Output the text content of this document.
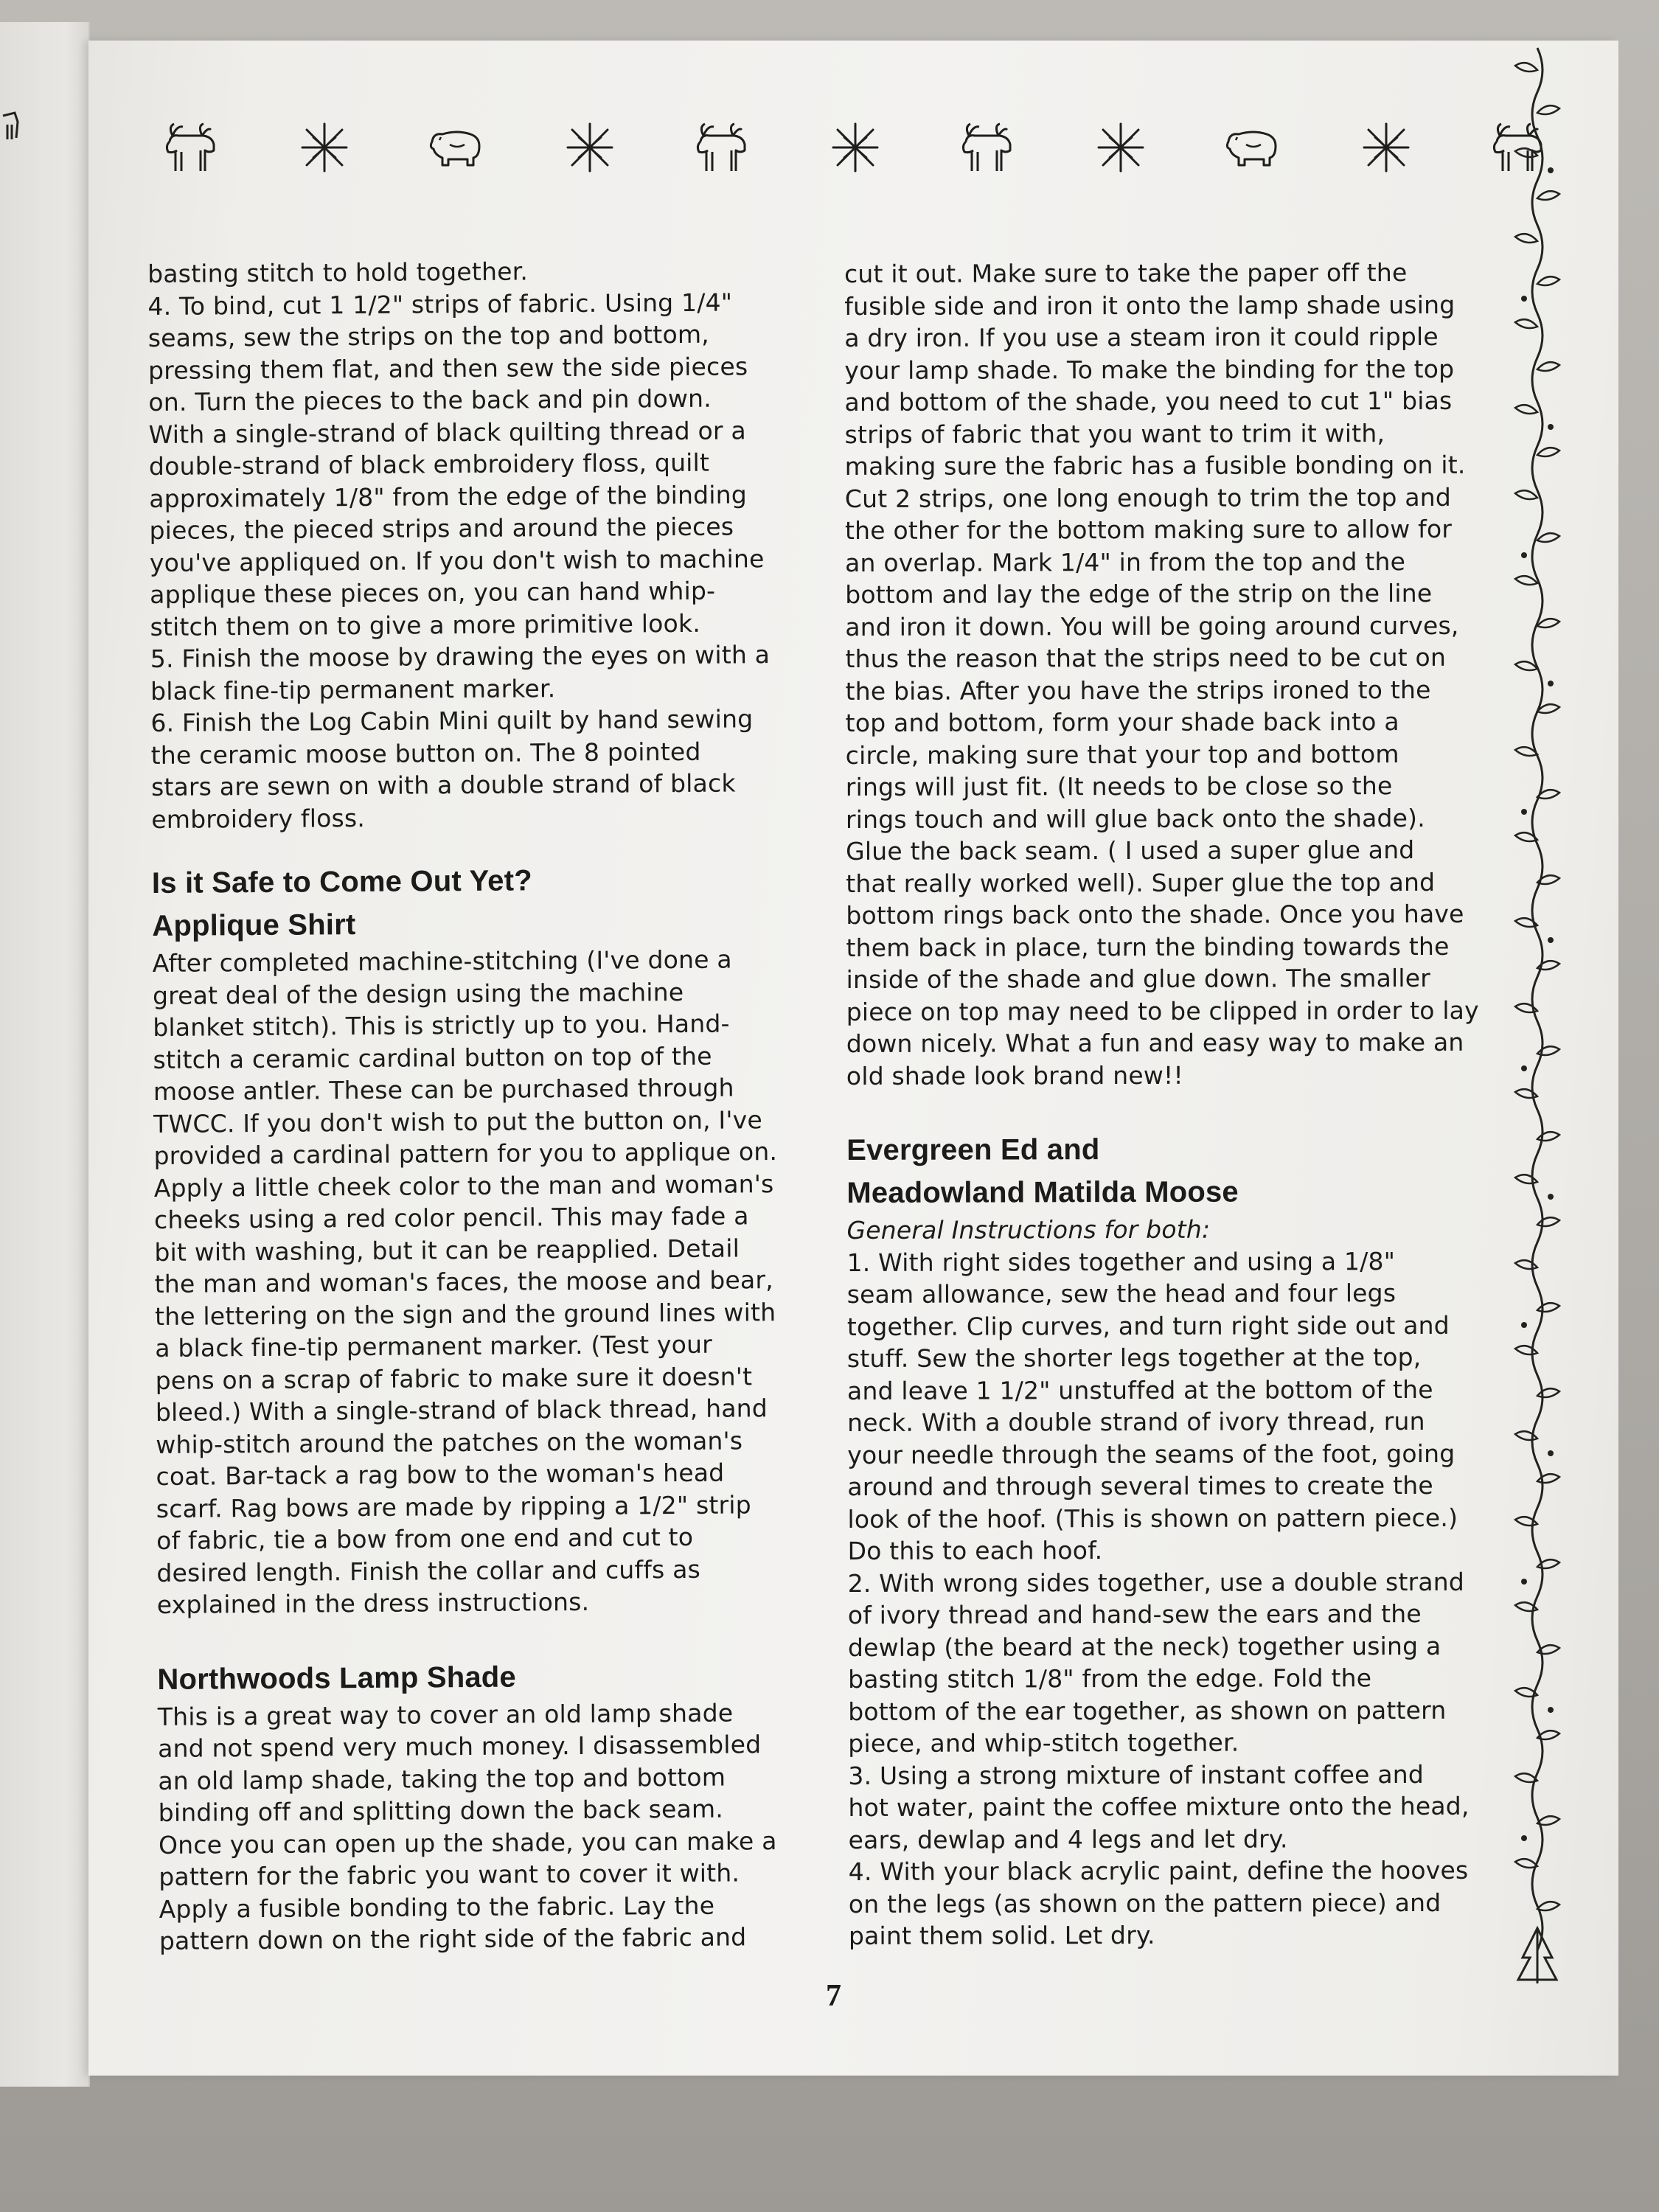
basting stitch to hold together.
4. To bind, cut 1 1/2" strips of fabric. Using 1/4"
seams, sew the strips on the top and bottom,
pressing them flat, and then sew the side pieces
on. Turn the pieces to the back and pin down.
With a single-strand of black quilting thread or a
double-strand of black embroidery floss, quilt
approximately 1/8" from the edge of the binding
pieces, the pieced strips and around the pieces
you've appliqued on. If you don't wish to machine
applique these pieces on, you can hand whip-
stitch them on to give a more primitive look.
5. Finish the moose by drawing the eyes on with a
black fine-tip permanent marker.
6. Finish the Log Cabin Mini quilt by hand sewing
the ceramic moose button on. The 8 pointed
stars are sewn on with a double strand of black
embroidery floss.
Is it Safe to Come Out Yet?
Applique Shirt
After completed machine-stitching (I've done a
great deal of the design using the machine
blanket stitch). This is strictly up to you. Hand-
stitch a ceramic cardinal button on top of the
moose antler. These can be purchased through
TWCC. If you don't wish to put the button on, I've
provided a cardinal pattern for you to applique on.
Apply a little cheek color to the man and woman's
cheeks using a red color pencil. This may fade a
bit with washing, but it can be reapplied. Detail
the man and woman's faces, the moose and bear,
the lettering on the sign and the ground lines with
a black fine-tip permanent marker. (Test your
pens on a scrap of fabric to make sure it doesn't
bleed.) With a single-strand of black thread, hand
whip-stitch around the patches on the woman's
coat. Bar-tack a rag bow to the woman's head
scarf. Rag bows are made by ripping a 1/2" strip
of fabric, tie a bow from one end and cut to
desired length. Finish the collar and cuffs as
explained in the dress instructions.
Northwoods Lamp Shade
This is a great way to cover an old lamp shade
and not spend very much money. I disassembled
an old lamp shade, taking the top and bottom
binding off and splitting down the back seam.
Once you can open up the shade, you can make a
pattern for the fabric you want to cover it with.
Apply a fusible bonding to the fabric. Lay the
pattern down on the right side of the fabric and
cut it out. Make sure to take the paper off the
fusible side and iron it onto the lamp shade using
a dry iron. If you use a steam iron it could ripple
your lamp shade. To make the binding for the top
and bottom of the shade, you need to cut 1" bias
strips of fabric that you want to trim it with,
making sure the fabric has a fusible bonding on it.
Cut 2 strips, one long enough to trim the top and
the other for the bottom making sure to allow for
an overlap. Mark 1/4" in from the top and the
bottom and lay the edge of the strip on the line
and iron it down. You will be going around curves,
thus the reason that the strips need to be cut on
the bias. After you have the strips ironed to the
top and bottom, form your shade back into a
circle, making sure that your top and bottom
rings will just fit. (It needs to be close so the
rings touch and will glue back onto the shade).
Glue the back seam. ( I used a super glue and
that really worked well). Super glue the top and
bottom rings back onto the shade. Once you have
them back in place, turn the binding towards the
inside of the shade and glue down. The smaller
piece on top may need to be clipped in order to lay
down nicely. What a fun and easy way to make an
old shade look brand new!!
Evergreen Ed and
Meadowland Matilda Moose
General Instructions for both:
1. With right sides together and using a 1/8"
seam allowance, sew the head and four legs
together. Clip curves, and turn right side out and
stuff. Sew the shorter legs together at the top,
and leave 1 1/2" unstuffed at the bottom of the
neck. With a double strand of ivory thread, run
your needle through the seams of the foot, going
around and through several times to create the
look of the hoof. (This is shown on pattern piece.)
Do this to each hoof.
2. With wrong sides together, use a double strand
of ivory thread and hand-sew the ears and the
dewlap (the beard at the neck) together using a
basting stitch 1/8" from the edge. Fold the
bottom of the ear together, as shown on pattern
piece, and whip-stitch together.
3. Using a strong mixture of instant coffee and
hot water, paint the coffee mixture onto the head,
ears, dewlap and 4 legs and let dry.
4. With your black acrylic paint, define the hooves
on the legs (as shown on the pattern piece) and
paint them solid. Let dry.
7
